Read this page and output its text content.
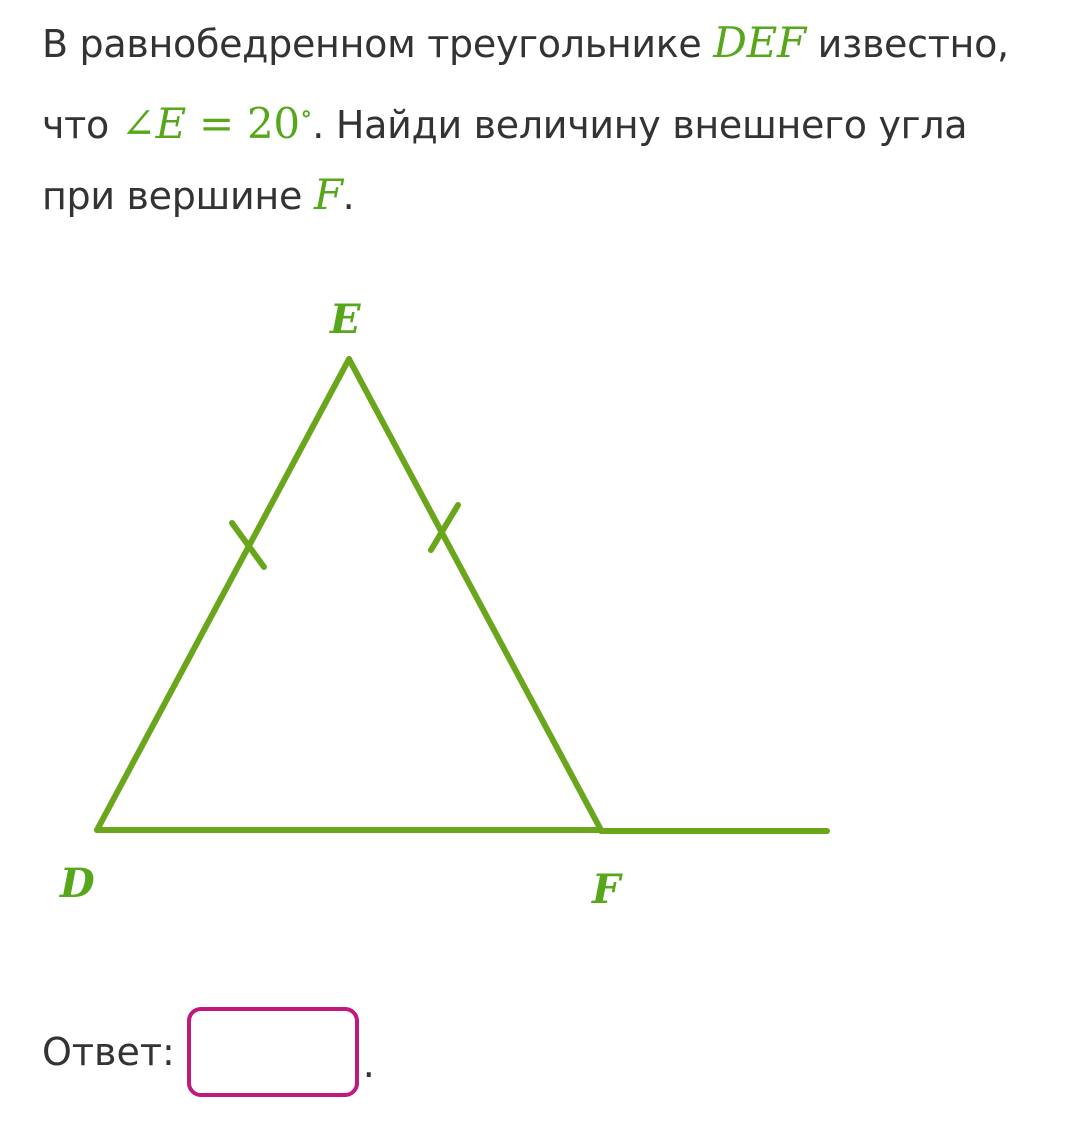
В равнобедренном треугольнике DEF известно,
что ∠E = 20∘. Найди величину внешнего угла
при вершине F.
E
D	F
Ответ:	.
